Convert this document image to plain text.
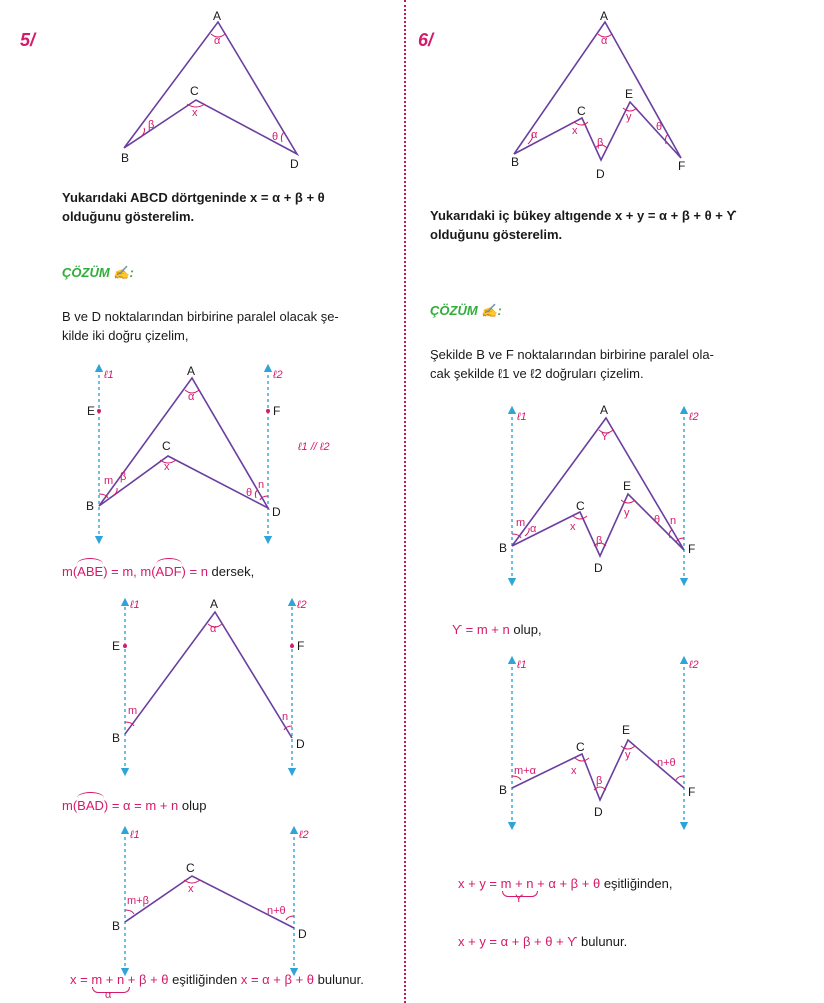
5/
Yukarıdaki ABCD dörtgeninde x = α + β + θ
olduğunu gösterelim.
ÇÖZÜM ✍:
B ve D noktalarından birbirine paralel olacak şe-
kilde iki doğru çizelim,
m(ABE) = m, m(ADF) = n dersek,
m(BAD) = α = m + n olup
x = m + n + β + θ eşitliğinden x = α + β + θ bulunur.
α
6/
Yukarıdaki iç bükey altıgende x + y = α + β + θ + ϒ
olduğunu gösterelim.
ÇÖZÜM ✍:
Şekilde B ve F noktalarından birbirine paralel ola-
cak şekilde ℓ1 ve ℓ2 doğruları çizelim.
ϒ = m + n olup,
x + y = m + n + α + β + θ eşitliğinden,
ϒ
x + y = α + β + θ + ϒ bulunur.
A
B
C
D
α
β
x
θ
ℓ1	ℓ2
ℓ1 // ℓ2
E	F
A
B
C
D
α
m β
x
θ
n
ℓ1	ℓ2
E	F
A
B	D
α
m	n
ℓ1	ℓ2
C
B
D
x
m+β
n+θ
A
B
C
D
E
F
α
α	x
β
y
θ
ℓ1	ℓ2
A
B
C
D
E
F
ϒ
m α	x
β
y
θ n
ℓ1	ℓ2
C
D
E
B	F
m+α	x
β
y
n+θ
